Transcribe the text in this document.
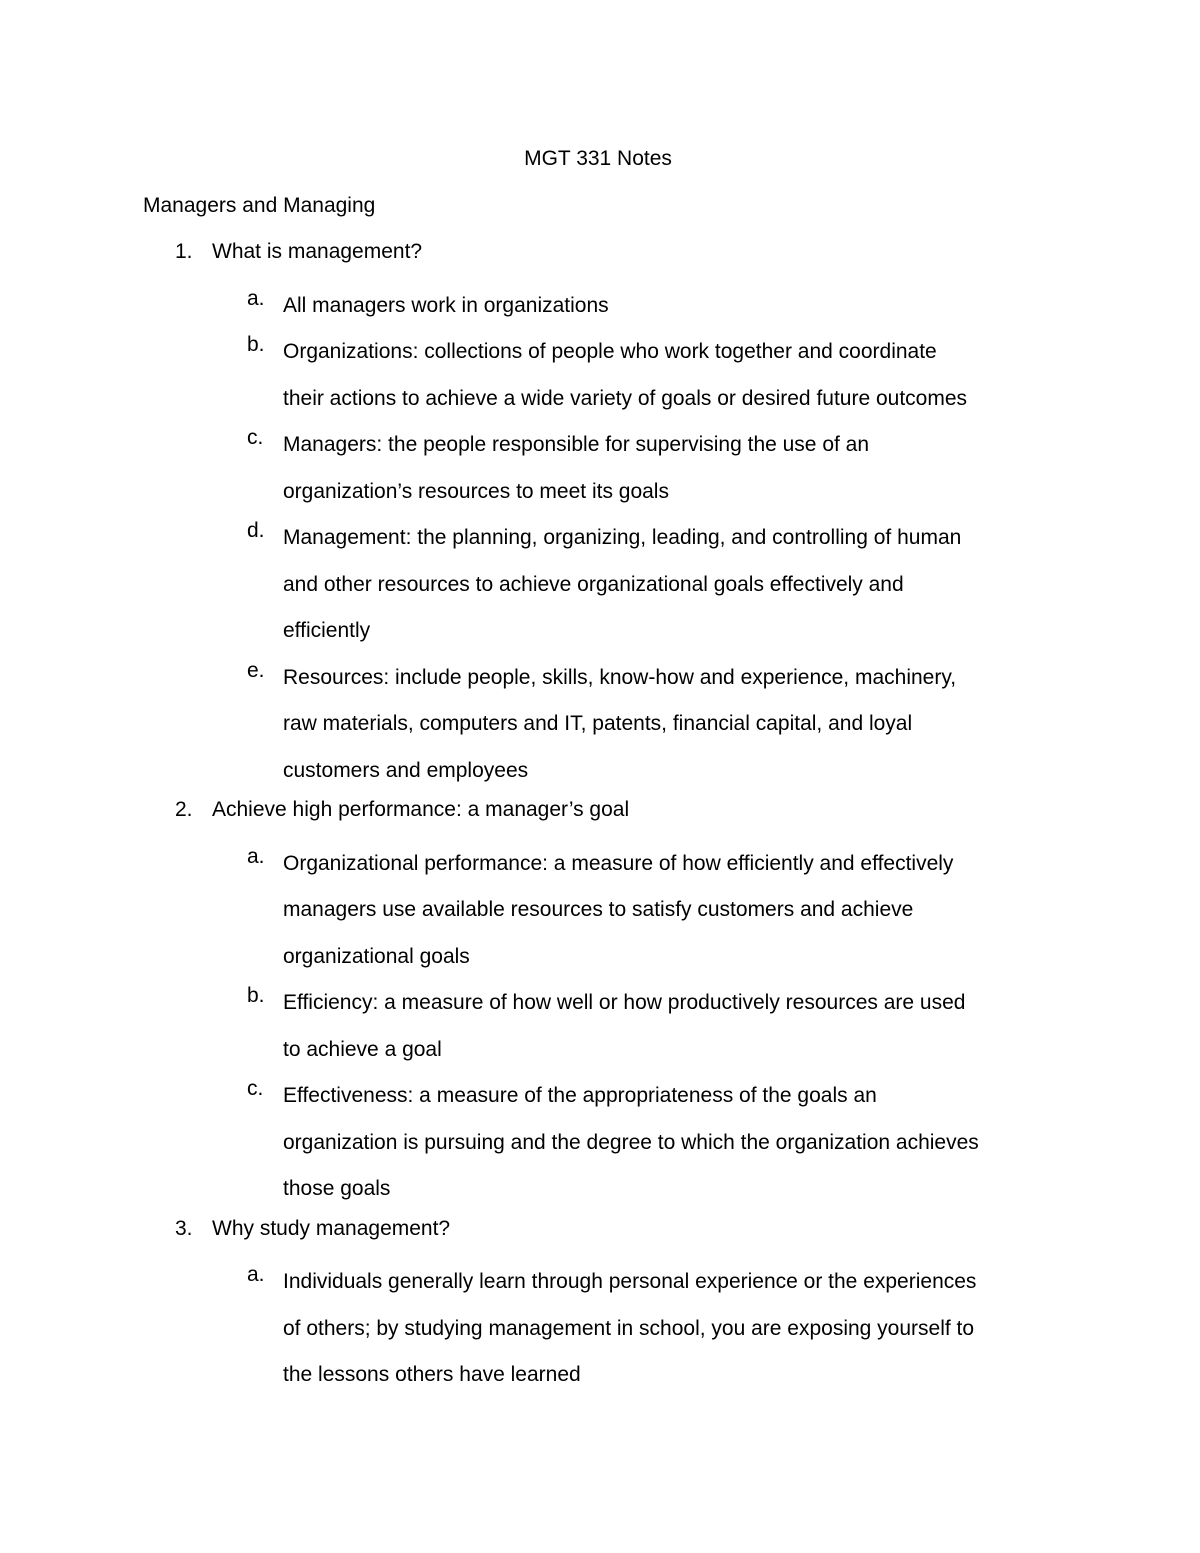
MGT 331 Notes
Managers and Managing
1. What is management?
a. All managers work in organizations
b. Organizations: collections of people who work together and coordinate
their actions to achieve a wide variety of goals or desired future outcomes
c. Managers: the people responsible for supervising the use of an
organization’s resources to meet its goals
d. Management: the planning, organizing, leading, and controlling of human
and other resources to achieve organizational goals effectively and
efficiently
e. Resources: include people, skills, know-how and experience, machinery,
raw materials, computers and IT, patents, financial capital, and loyal
customers and employees
2. Achieve high performance: a manager’s goal
a. Organizational performance: a measure of how efficiently and effectively
managers use available resources to satisfy customers and achieve
organizational goals
b. Efficiency: a measure of how well or how productively resources are used
to achieve a goal
c. Effectiveness: a measure of the appropriateness of the goals an
organization is pursuing and the degree to which the organization achieves
those goals
3. Why study management?
a. Individuals generally learn through personal experience or the experiences
of others; by studying management in school, you are exposing yourself to
the lessons others have learned
